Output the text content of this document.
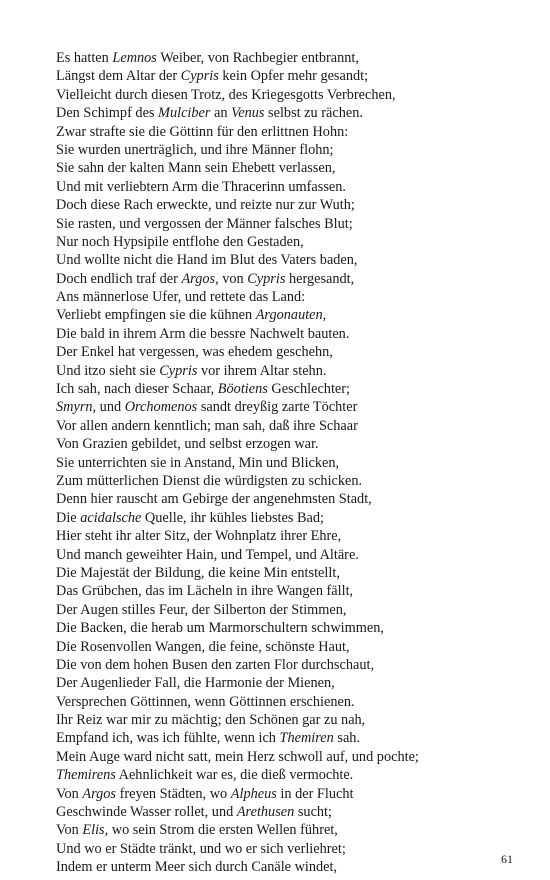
Es hatten Lemnos Weiber, von Rachbegier entbrannt,
Längst dem Altar der Cypris kein Opfer mehr gesandt;
Vielleicht durch diesen Trotz, des Kriegesgotts Verbrechen,
Den Schimpf des Mulciber an Venus selbst zu rächen.
Zwar strafte sie die Göttinn für den erlittnen Hohn:
Sie wurden unerträglich, und ihre Männer flohn;
Sie sahn der kalten Mann sein Ehebett verlassen,
Und mit verliebtern Arm die Thracerinn umfassen.
Doch diese Rach erweckte, und reizte nur zur Wuth;
Sie rasten, und vergossen der Männer falsches Blut;
Nur noch Hypsipile entflohe den Gestaden,
Und wollte nicht die Hand im Blut des Vaters baden,
Doch endlich traf der Argos, von Cypris hergesandt,
Ans männerlose Ufer, und rettete das Land:
Verliebt empfingen sie die kühnen Argonauten,
Die bald in ihrem Arm die bessre Nachwelt bauten.
Der Enkel hat vergessen, was ehedem geschehn,
Und itzo sieht sie Cypris vor ihrem Altar stehn.
Ich sah, nach dieser Schaar, Böotiens Geschlechter;
Smyrn, und Orchomenos sandt dreyßig zarte Töchter
Vor allen andern kenntlich; man sah, daß ihre Schaar
Von Grazien gebildet, und selbst erzogen war.
Sie unterrichten sie in Anstand, Min und Blicken,
Zum mütterlichen Dienst die würdigsten zu schicken.
Denn hier rauscht am Gebirge der angenehmsten Stadt,
Die acidalsche Quelle, ihr kühles liebstes Bad;
Hier steht ihr alter Sitz, der Wohnplatz ihrer Ehre,
Und manch geweihter Hain, und Tempel, und Altäre.
Die Majestät der Bildung, die keine Min entstellt,
Das Grübchen, das im Lächeln in ihre Wangen fällt,
Der Augen stilles Feur, der Silberton der Stimmen,
Die Backen, die herab um Marmorschultern schwimmen,
Die Rosenvollen Wangen, die feine, schönste Haut,
Die von dem hohen Busen den zarten Flor durchschaut,
Der Augenlieder Fall, die Harmonie der Mienen,
Versprechen Göttinnen, wenn Göttinnen erschienen.
Ihr Reiz war mir zu mächtig; den Schönen gar zu nah,
Empfand ich, was ich fühlte, wenn ich Themiren sah.
Mein Auge ward nicht satt, mein Herz schwoll auf, und pochte;
Themirens Aehnlichkeit war es, die dieß vermochte.
Von Argos freyen Städten, wo Alpheus in der Flucht
Geschwinde Wasser rollet, und Arethusen sucht;
Von Elis, wo sein Strom die ersten Wellen führet,
Und wo er Städte tränkt, und wo er sich verliehret;
Indem er unterm Meer sich durch Canäle windet,
61
